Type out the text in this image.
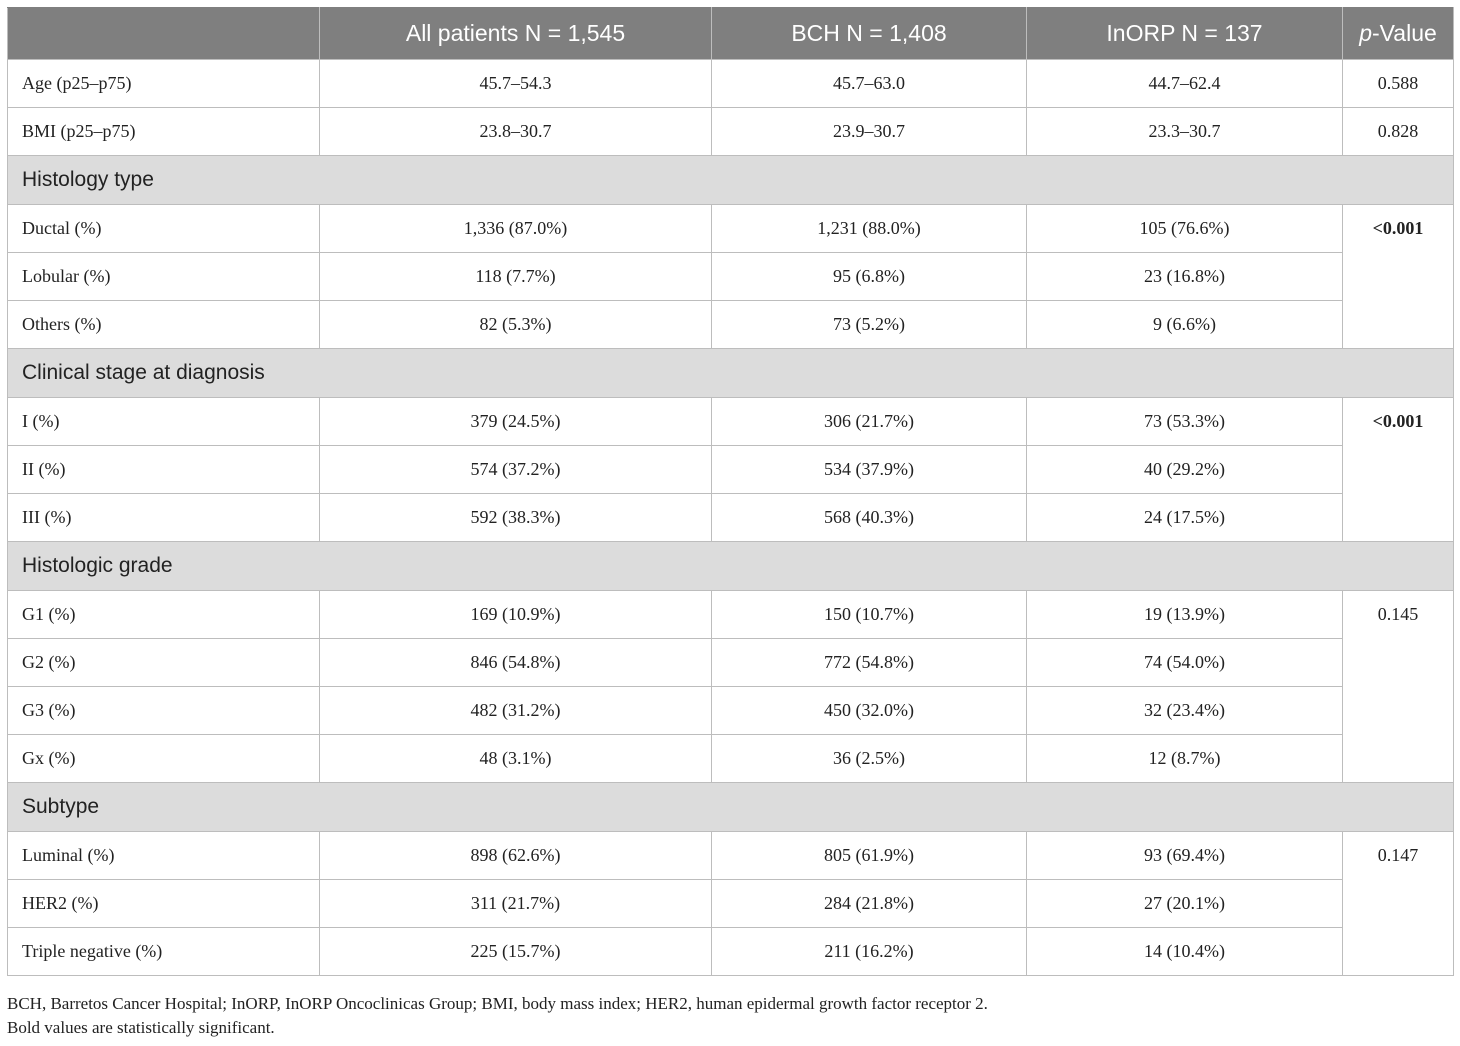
	All patients N = 1,545	BCH N = 1,408	InORP N = 137	p-Value
Age (p25–p75)	45.7–54.3	45.7–63.0	44.7–62.4	0.588
BMI (p25–p75)	23.8–30.7	23.9–30.7	23.3–30.7	0.828
Histology type				
Ductal (%)	1,336 (87.0%)	1,231 (88.0%)	105 (76.6%)	<0.001
Lobular (%)	118 (7.7%)	95 (6.8%)	23 (16.8%)	
Others (%)	82 (5.3%)	73 (5.2%)	9 (6.6%)	
Clinical stage at diagnosis				
I (%)	379 (24.5%)	306 (21.7%)	73 (53.3%)	<0.001
II (%)	574 (37.2%)	534 (37.9%)	40 (29.2%)	
III (%)	592 (38.3%)	568 (40.3%)	24 (17.5%)	
Histologic grade				
G1 (%)	169 (10.9%)	150 (10.7%)	19 (13.9%)	0.145
G2 (%)	846 (54.8%)	772 (54.8%)	74 (54.0%)	
G3 (%)	482 (31.2%)	450 (32.0%)	32 (23.4%)	
Gx (%)	48 (3.1%)	36 (2.5%)	12 (8.7%)	
Subtype				
Luminal (%)	898 (62.6%)	805 (61.9%)	93 (69.4%)	0.147
HER2 (%)	311 (21.7%)	284 (21.8%)	27 (20.1%)	
Triple negative (%)	225 (15.7%)	211 (16.2%)	14 (10.4%)	
BCH, Barretos Cancer Hospital; InORP, InORP Oncoclinicas Group; BMI, body mass index; HER2, human epidermal growth factor receptor 2.
Bold values are statistically significant.
